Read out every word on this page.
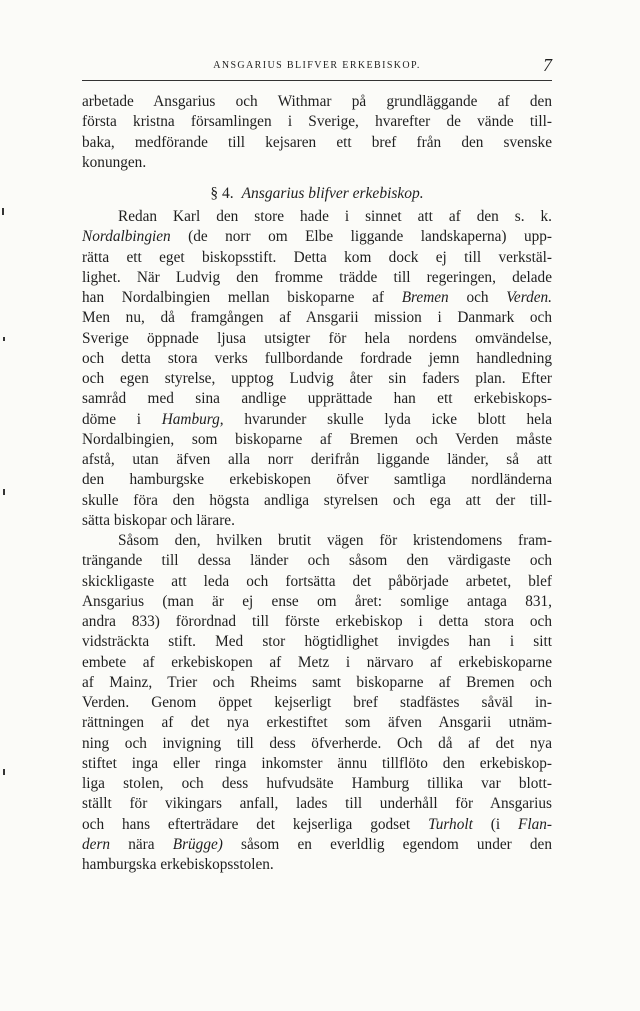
ANSGARIUS BLIFVER ERKEBISKOP.	7
arbetade Ansgarius och Withmar på grundläggande af den
första kristna församlingen i Sverige, hvarefter de vände till-
baka, medförande till kejsaren ett bref från den svenske
konungen.
§ 4. Ansgarius blifver erkebiskop.
Redan Karl den store hade i sinnet att af den s. k.
Nordalbingien (de norr om Elbe liggande landskaperna) upp-
rätta ett eget biskopsstift. Detta kom dock ej till verkstäl-
lighet. När Ludvig den fromme trädde till regeringen, delade
han Nordalbingien mellan biskoparne af Bremen och Verden.
Men nu, då framgången af Ansgarii mission i Danmark och
Sverige öppnade ljusa utsigter för hela nordens omvändelse,
och detta stora verks fullbordande fordrade jemn handledning
och egen styrelse, upptog Ludvig åter sin faders plan. Efter
samråd med sina andlige upprättade han ett erkebiskops-
döme i Hamburg, hvarunder skulle lyda icke blott hela
Nordalbingien, som biskoparne af Bremen och Verden måste
afstå, utan äfven alla norr derifrån liggande länder, så att
den hamburgske erkebiskopen öfver samtliga nordländerna
skulle föra den högsta andliga styrelsen och ega att der till-
sätta biskopar och lärare.
Såsom den, hvilken brutit vägen för kristendomens fram-
trängande till dessa länder och såsom den värdigaste och
skickligaste att leda och fortsätta det påbörjade arbetet, blef
Ansgarius (man är ej ense om året: somlige antaga 831,
andra 833) förordnad till förste erkebiskop i detta stora och
vidsträckta stift. Med stor högtidlighet invigdes han i sitt
embete af erkebiskopen af Metz i närvaro af erkebiskoparne
af Mainz, Trier och Rheims samt biskoparne af Bremen och
Verden. Genom öppet kejserligt bref stadfästes såväl in-
rättningen af det nya erkestiftet som äfven Ansgarii utnäm-
ning och invigning till dess öfverherde. Och då af det nya
stiftet inga eller ringa inkomster ännu tillflöto den erkebiskop-
liga stolen, och dess hufvudsäte Hamburg tillika var blott-
ställt för vikingars anfall, lades till underhåll för Ansgarius
och hans efterträdare det kejserliga godset Turholt (i Flan-
dern nära Brügge) såsom en everldlig egendom under den
hamburgska erkebiskopsstolen.
